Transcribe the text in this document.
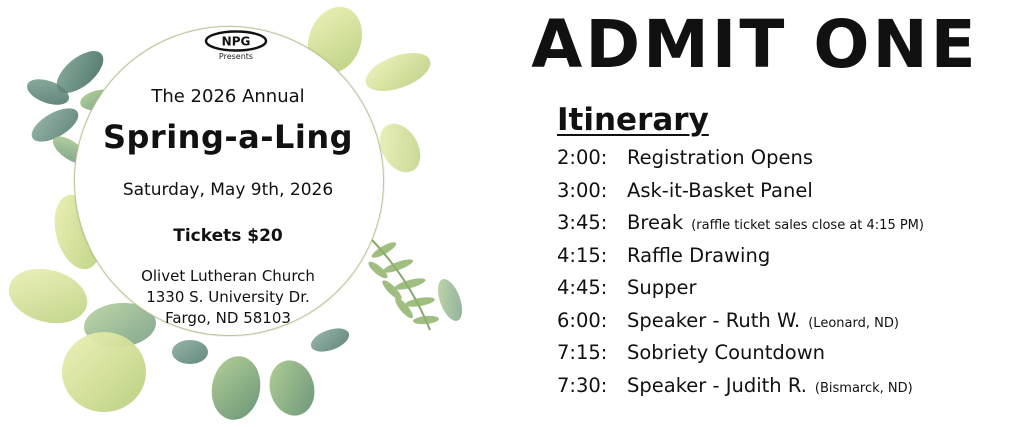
NPG
Presents
The 2026 Annual
Spring-a-Ling
Saturday, May 9th, 2026
Tickets $20
Olivet Lutheran Church
1330 S. University Dr.
Fargo, ND 58103
ADMIT ONE
Itinerary
2:00:	Registration Opens
3:00:	Ask-it-Basket Panel
3:45:	Break (raffle ticket sales close at 4:15 PM)
4:15:	Raffle Drawing
4:45:	Supper
6:00:	Speaker - Ruth W. (Leonard, ND)
7:15:	Sobriety Countdown
7:30:	Speaker - Judith R. (Bismarck, ND)
